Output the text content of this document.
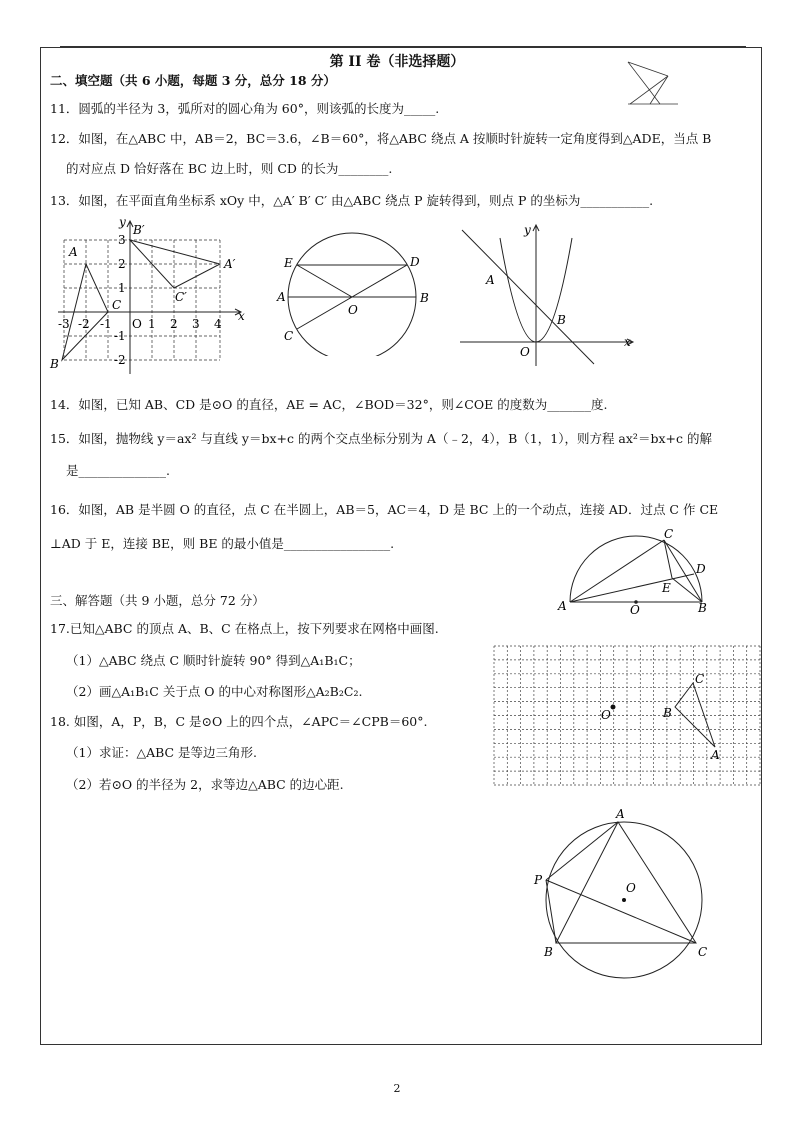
第 II 卷（非选择题）
二、填空题（共 6 小题，每题 3 分，总分 18 分）
11．圆弧的半径为 3，弧所对的圆心角为 60°，则该弧的长度为_____.
12．如图，在△ABC 中，AB＝2，BC＝3.6，∠B＝60°，将△ABC 绕点 A 按顺时针旋转一定角度得到△ADE，当点 B
的对应点 D 恰好落在 BC 边上时，则 CD 的长为________.
13．如图，在平面直角坐标系 xOy 中，△A′ B′ C′ 由△ABC 绕点 P 旋转得到，则点 P 的坐标为___________.
y
x
A
B′
A′
C′
C
B
O
3
2
1
-1
-2
-3 -2 -1	1 2 3 4
E	D
A	B
C
O
y
x
A
B
O
14．如图，已知 AB、CD 是⊙O 的直径，AE = AC，∠BOD＝32°，则∠COE 的度数为_______度.
15．如图，抛物线 y＝ax² 与直线 y＝bx+c 的两个交点坐标分别为 A（﹣2，4），B（1，1），则方程 ax²＝bx+c 的解
是______________.
16．如图，AB 是半圆 O 的直径，点 C 在半圆上，AB＝5，AC＝4，D 是 BC 上的一个动点，连接 AD．过点 C 作 CE
⊥AD 于 E，连接 BE，则 BE 的最小值是_________________.
A	O	B
C
D
E
三、解答题（共 9 小题，总分 72 分）
17.已知△ABC 的顶点 A、B、C 在格点上，按下列要求在网格中画图.
（1）△ABC 绕点 C 顺时针旋转 90° 得到△A₁B₁C；
（2）画△A₁B₁C 关于点 O 的中心对称图形△A₂B₂C₂.
18. 如图，A，P，B，C 是⊙O 上的四个点，∠APC＝∠CPB＝60°.
（1）求证：△ABC 是等边三角形.
（2）若⊙O 的半径为 2，求等边△ABC 的边心距.
C
B
A
O
A
P
O
B	C
2
